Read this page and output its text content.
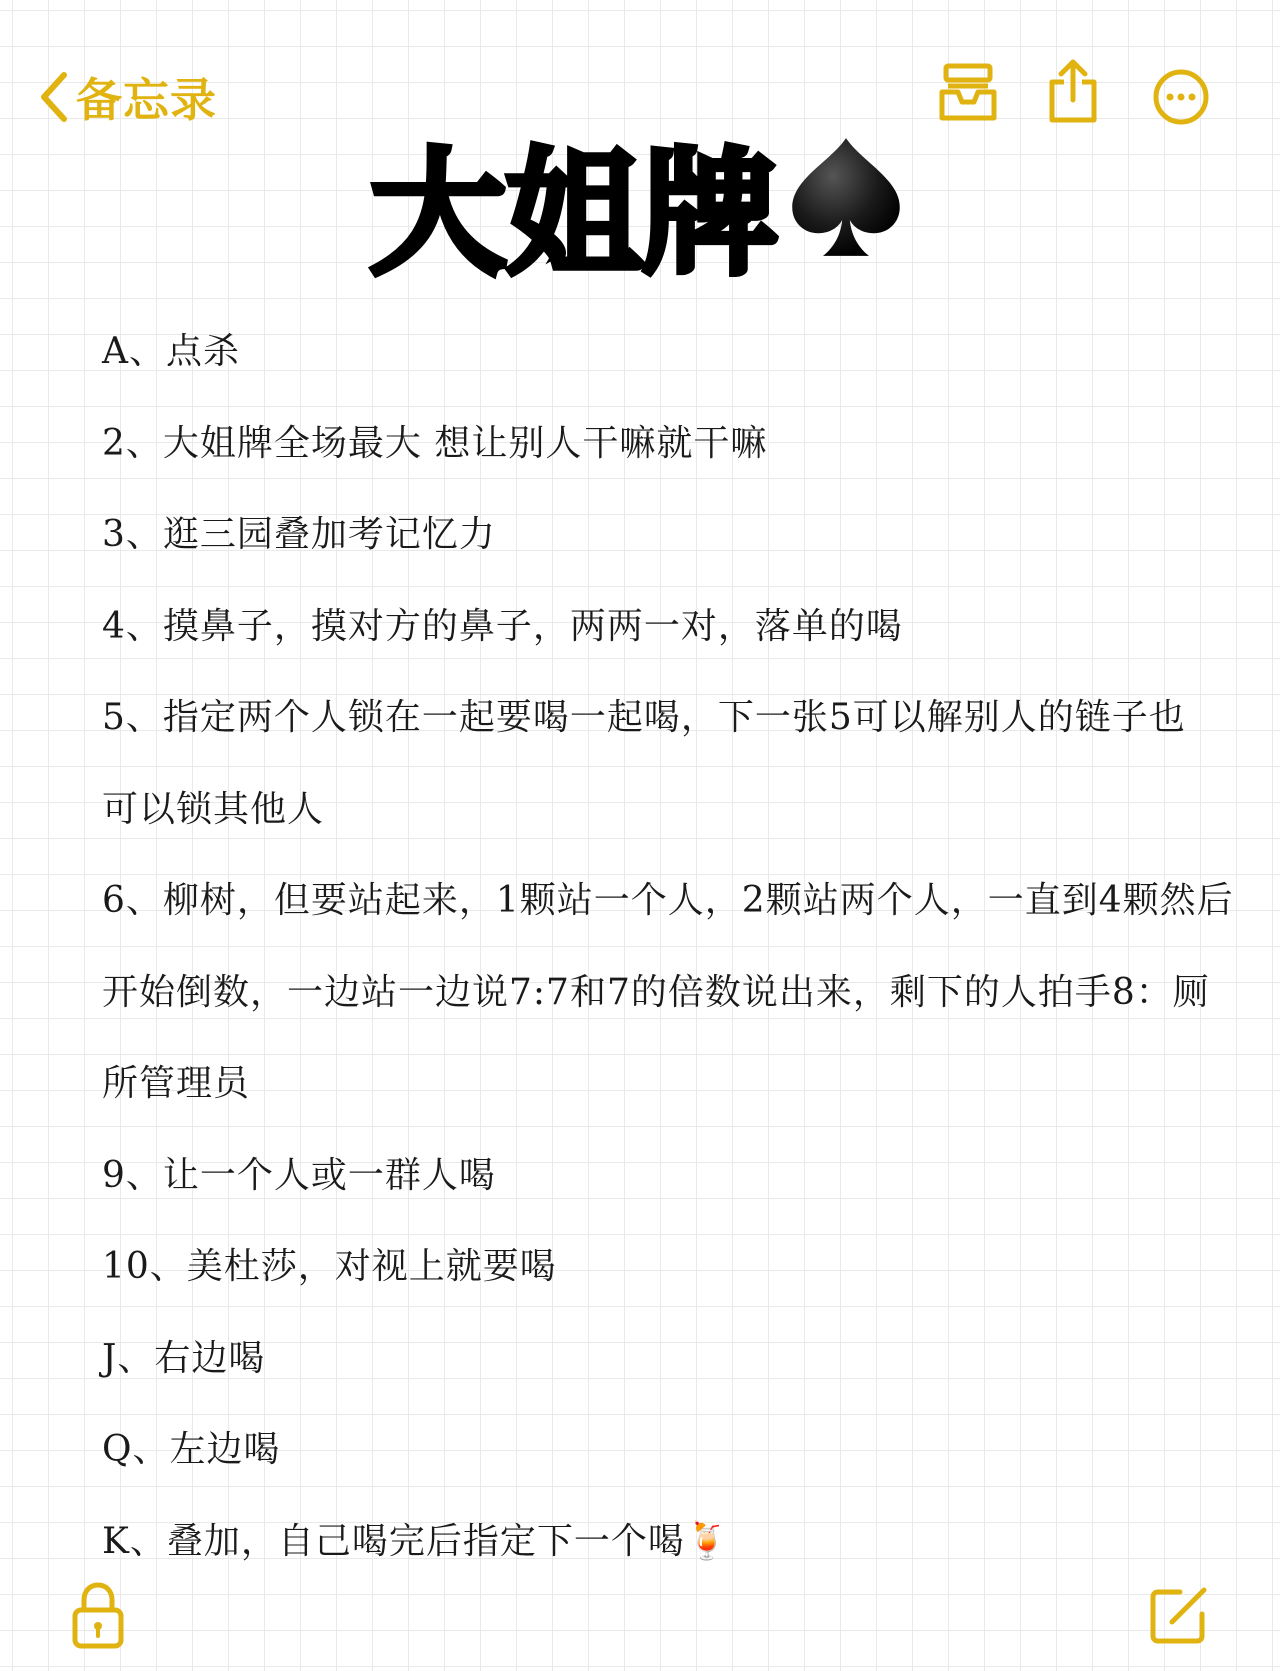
备忘录
大姐牌
A、点杀
2、大姐牌全场最大 想让别人干嘛就干嘛
3、逛三园叠加考记忆力
4、摸鼻子，摸对方的鼻子，两两一对，落单的喝
5、指定两个人锁在一起要喝一起喝，下一张5可以解别人的链子也
可以锁其他人
6、柳树，但要站起来，1颗站一个人，2颗站两个人，一直到4颗然后
开始倒数，一边站一边说7:7和7的倍数说出来，剩下的人拍手8：厕
所管理员
9、让一个人或一群人喝
10、美杜莎，对视上就要喝
J、右边喝
Q、左边喝
K、叠加，自己喝完后指定下一个喝🍹
